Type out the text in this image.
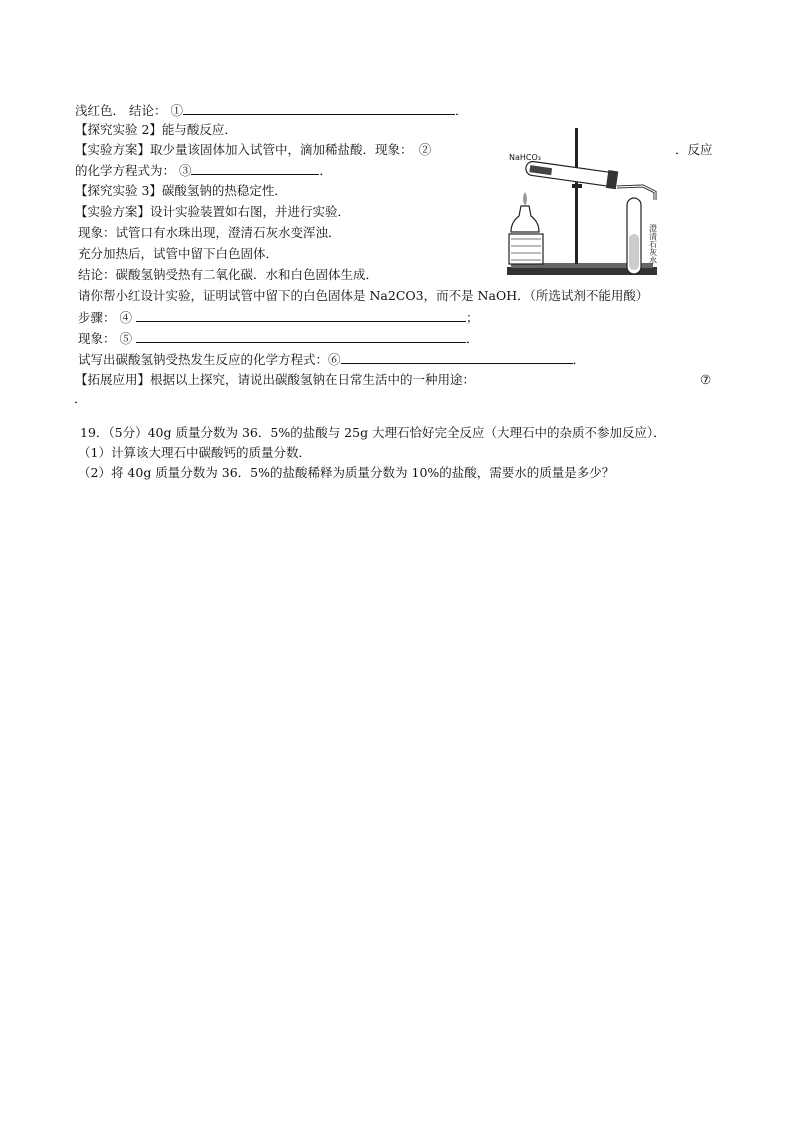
浅红色． 结论： ①	．
【探究实验 2】能与酸反应．
【实验方案】取少量该固体加入试管中，滴加稀盐酸．现象：　②	．反应
的化学方程式为： ③	．
【探究实验 3】碳酸氢钠的热稳定性．
【实验方案】设计实验装置如右图，并进行实验．
现象：试管口有水珠出现，澄清石灰水变浑浊．
充分加热后，试管中留下白色固体．
结论：碳酸氢钠受热有二氧化碳．水和白色固体生成．
请你帮小红设计实验，证明试管中留下的白色固体是 Na2CO3，而不是 NaOH．（所选试剂不能用酸）
步骤： ④	；
现象： ⑤	．
试写出碳酸氢钠受热发生反应的化学方程式：⑥	．
【拓展应用】根据以上探究，请说出碳酸氢钠在日常生活中的一种用途：	⑦
．
19．（5分）40g 质量分数为 36．5%的盐酸与 25g 大理石恰好完全反应（大理石中的杂质不参加反应）．
（1）计算该大理石中碳酸钙的质量分数．
（2）将 40g 质量分数为 36．5%的盐酸稀释为质量分数为 10%的盐酸，需要水的质量是多少？
NaHCO₃
澄清石灰水
